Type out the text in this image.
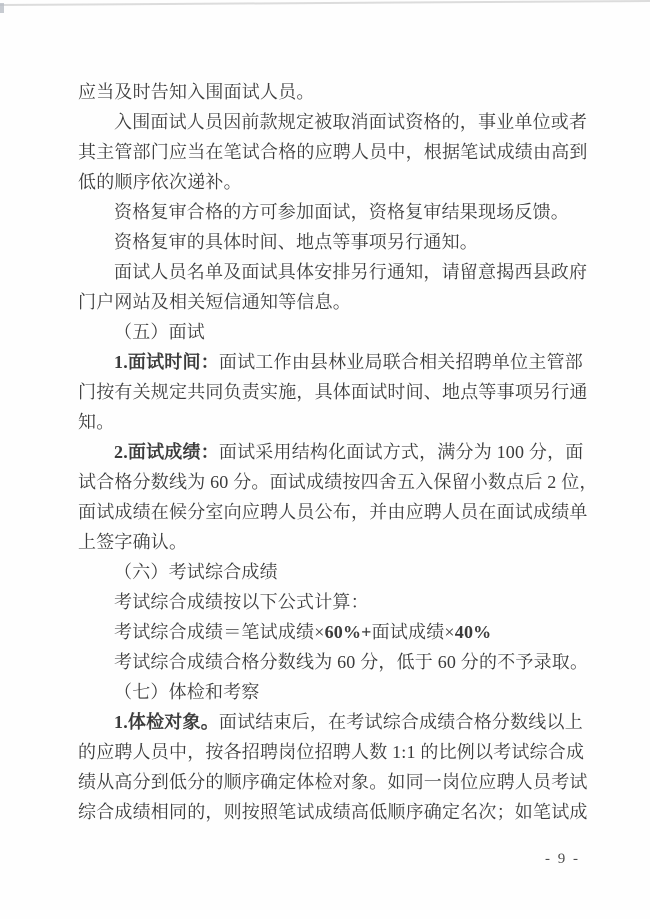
应当及时告知入围面试人员。
入围面试人员因前款规定被取消面试资格的，事业单位或者
其主管部门应当在笔试合格的应聘人员中，根据笔试成绩由高到
低的顺序依次递补。
资格复审合格的方可参加面试，资格复审结果现场反馈。
资格复审的具体时间、地点等事项另行通知。
面试人员名单及面试具体安排另行通知，请留意揭西县政府
门户网站及相关短信通知等信息。
（五）面试
1.面试时间：面试工作由县林业局联合相关招聘单位主管部
门按有关规定共同负责实施，具体面试时间、地点等事项另行通
知。
2.面试成绩：面试采用结构化面试方式，满分为 100 分，面
试合格分数线为 60 分。面试成绩按四舍五入保留小数点后 2 位，
面试成绩在候分室向应聘人员公布，并由应聘人员在面试成绩单
上签字确认。
（六）考试综合成绩
考试综合成绩按以下公式计算：
考试综合成绩＝笔试成绩×60%+面试成绩×40%
考试综合成绩合格分数线为 60 分，低于 60 分的不予录取。
（七）体检和考察
1.体检对象。面试结束后，在考试综合成绩合格分数线以上
的应聘人员中，按各招聘岗位招聘人数 1:1 的比例以考试综合成
绩从高分到低分的顺序确定体检对象。如同一岗位应聘人员考试
综合成绩相同的，则按照笔试成绩高低顺序确定名次；如笔试成
- 9 -
